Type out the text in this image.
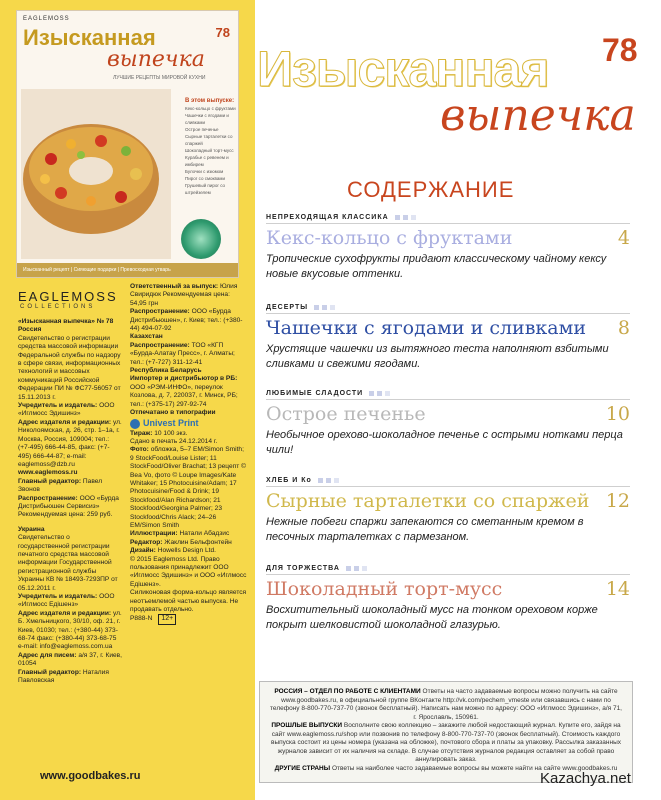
EAGLEMOSS
Изысканная
выпечка
78
ЛУЧШИЕ РЕЦЕПТЫ МИРОВОЙ КУХНИ
В этом выпуске:
Кекс-кольцо с фруктами
Чашечки с ягодами и сливками
Острое печенье
Сырные тарталетки со спаржей
Шоколадный торт-мусс
Курабье с ревенем и имбирем
Булочки с изюмом
Пирог со смоквами
Грушевый пирог со штрейзелем
Изысканный рецепт | Сияющие подарки | Превосходная утварь
EAGLEMOSS
COLLECTIONS

«Изысканная выпечка» № 78

Россия

Свидетельство о регистрации средства массовой информации Федеральной службы по надзору в сфере связи, информационных технологий и массовых коммуникаций Российской Федерации ПИ № ФС77-56057 от 15.11.2013 г.

Учредитель и издатель: ООО «Иглмосс Эдишинз»

Адрес издателя и редакции: ул. Николоямская, д. 26, стр. 1–1а, г. Москва, Россия, 109004; тел.: (+7-495) 666-44-85, факс: (+7-495) 666-44-87; e-mail: eaglemoss@dzb.ru

www.eaglemoss.ru

Главный редактор: Павел Звонов

Распространение: ООО «Бурда Дистрибьюшен Сервисиз» Рекомендуемая цена: 259 руб.

Украина

Свидетельство о государственной регистрации печатного средства массовой информации Государственной регистрационной службы Украины КВ № 18493-7293ПР от 05.12.2011 г.

Учредитель и издатель: ООО «Иглмосс Едішенз»

Адрес издателя и редакции: ул. Б. Хмельницкого, 30/10, оф. 21, г. Киев, 01030; тел.: (+380-44) 373-68-74 факс: (+380-44) 373-68-75 e-mail: info@eaglemoss.com.ua

Адрес для писем: а/я 37, г. Киев, 01054

Главный редактор: Наталия Павловская

Ответственный за выпуск: Юлия Свиридюк Рекомендуемая цена: 54,95 грн

Распространение: ООО «Бурда Дистрибьюшен», г. Киев; тел.: (+380-44) 494-07-92

Казахстан

Распространение: ТОО «КГП «Бурда-Алатау Пресс», г. Алматы; тел.: (+7-727) 311-12-41

Республика Беларусь

Импортер и дистрибьютор в РБ: ООО «РЭМ-ИНФО», переулок Козлова, д. 7, 220037, г. Минск, РБ; тел.: (+375-17) 297-92-74

Отпечатано в типографии

Univest Print

Тираж: 10 100 экз.

Сдано в печать 24.12.2014 г.

Фото: обложка, 5–7 EM/Simon Smith; 9 StockFood/Louise Lister; 11 StockFood/Oliver Brachat; 13 рецепт © Bea Vo, фото © Loupe Images/Kate Whitaker; 15 Photocuisine/Adam; 17 Photocuisine/Food & Drink; 19 Stockfood/Alan Richardson; 21 Stockfood/Georgina Palmer; 23 Stockfood/Chris Alack; 24–26 EM/Simon Smith

Иллюстрации: Натали Абадзис

Редактор: Жаклин Бельфонтейн

Дизайн: Howells Design Ltd.

© 2015 Eaglemoss Ltd. Право пользования принадлежит ООО «Иглмосс Эдишинз» и ООО «Иглмосс Едішенз».

Силиконовая форма-кольцо является неотъемлемой частью выпуска. Не продавать отдельно.

P888-N 12+

www.goodbakes.ru
Изысканная
выпечка
78
СОДЕРЖАНИЕ
НЕПРЕХОДЯЩАЯ КЛАССИКА
Кекс-кольцо с фруктами	4
Тропические сухофрукты придают классическому чайному кексу новые вкусовые оттенки.
ДЕСЕРТЫ
Чашечки с ягодами и сливками 8
Хрустящие чашечки из вытяжного теста наполняют взбитыми сливками и свежими ягодами.
ЛЮБИМЫЕ СЛАДОСТИ
Острое печенье	10
Необычное орехово-шоколадное печенье с острыми нотками перца чили!
ХЛЕБ И Ко
Сырные тарталетки со спаржей 12
Нежные побеги спаржи запекаются со сметанным кремом в песочных тарталетках с пармезаном.
ДЛЯ ТОРЖЕСТВА
Шоколадный торт-мусс	14
Восхитительный шоколадный мусс на тонком ореховом корже покрыт шелковистой шоколадной глазурью.

РОССИЯ – ОТДЕЛ ПО РАБОТЕ С КЛИЕНТАМИ Ответы на часто задаваемые вопросы можно получить на сайте www.goodbakes.ru, в официальной группе ВКонтакте http://vk.com/pechem_vmeste или связавшись с нами по телефону 8-800-770-737-70 (звонок бесплатный). Написать нам можно по адресу: ООО «Иглмосс Эдишинз», а/я 71, г. Ярославль, 150961.

ПРОШЛЫЕ ВЫПУСКИ Восполните свою коллекцию – закажите любой недостающий журнал. Купите его, зайдя на сайт www.eaglemoss.ru/shop или позвонив по телефону 8-800-770-737-70 (звонок бесплатный). Стоимость каждого выпуска состоит из цены номера (указана на обложке), почтового сбора и платы за упаковку. Рассылка заказанных журналов зависит от их наличия на складе. В случае отсутствия журналов редакция оставляет за собой право аннулировать заказ.

ДРУГИЕ СТРАНЫ Ответы на наиболее часто задаваемые вопросы вы можете найти на сайте www.goodbakes.ru

Kazachya.net
